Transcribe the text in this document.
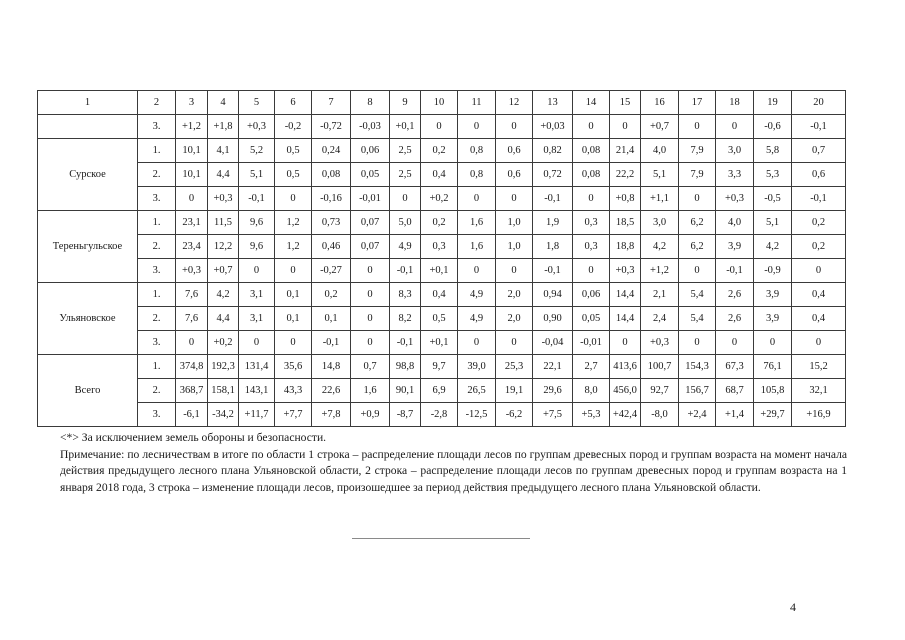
1	2	3	4	5	6	7	8	9	10	11	12	13	14	15	16	17	18	19	20
	3.	+1,2	+1,8	+0,3	-0,2	-0,72	-0,03	+0,1	0	0	0	+0,03	0	0	+0,7	0	0	-0,6	-0,1
Сурское	1.	10,1	4,1	5,2	0,5	0,24	0,06	2,5	0,2	0,8	0,6	0,82	0,08	21,4	4,0	7,9	3,0	5,8	0,7
	2.	10,1	4,4	5,1	0,5	0,08	0,05	2,5	0,4	0,8	0,6	0,72	0,08	22,2	5,1	7,9	3,3	5,3	0,6
	3.	0	+0,3	-0,1	0	-0,16	-0,01	0	+0,2	0	0	-0,1	0	+0,8	+1,1	0	+0,3	-0,5	-0,1
Тереньгульское	1.	23,1	11,5	9,6	1,2	0,73	0,07	5,0	0,2	1,6	1,0	1,9	0,3	18,5	3,0	6,2	4,0	5,1	0,2
	2.	23,4	12,2	9,6	1,2	0,46	0,07	4,9	0,3	1,6	1,0	1,8	0,3	18,8	4,2	6,2	3,9	4,2	0,2
	3.	+0,3	+0,7	0	0	-0,27	0	-0,1	+0,1	0	0	-0,1	0	+0,3	+1,2	0	-0,1	-0,9	0
Ульяновское	1.	7,6	4,2	3,1	0,1	0,2	0	8,3	0,4	4,9	2,0	0,94	0,06	14,4	2,1	5,4	2,6	3,9	0,4
	2.	7,6	4,4	3,1	0,1	0,1	0	8,2	0,5	4,9	2,0	0,90	0,05	14,4	2,4	5,4	2,6	3,9	0,4
	3.	0	+0,2	0	0	-0,1	0	-0,1	+0,1	0	0	-0,04	-0,01	0	+0,3	0	0	0	0
Всего	1.	374,8	192,3	131,4	35,6	14,8	0,7	98,8	9,7	39,0	25,3	22,1	2,7	413,6	100,7	154,3	67,3	76,1	15,2
	2.	368,7	158,1	143,1	43,3	22,6	1,6	90,1	6,9	26,5	19,1	29,6	8,0	456,0	92,7	156,7	68,7	105,8	32,1
	3.	-6,1	-34,2	+11,7	+7,7	+7,8	+0,9	-8,7	-2,8	-12,5	-6,2	+7,5	+5,3	+42,4	-8,0	+2,4	+1,4	+29,7	+16,9

<*> За исключением земель обороны и безопасности.

Примечание: по лесничествам в итоге по области 1 строка – распределение площади лесов по группам древесных пород и группам возраста на момент начала действия предыдущего лесного плана Ульяновской области, 2 строка – распределение площади лесов по группам древесных пород и группам возраста на 1 января 2018 года, 3 строка – изменение площади лесов, произошедшее за период действия предыдущего лесного плана Ульяновской области.

4
